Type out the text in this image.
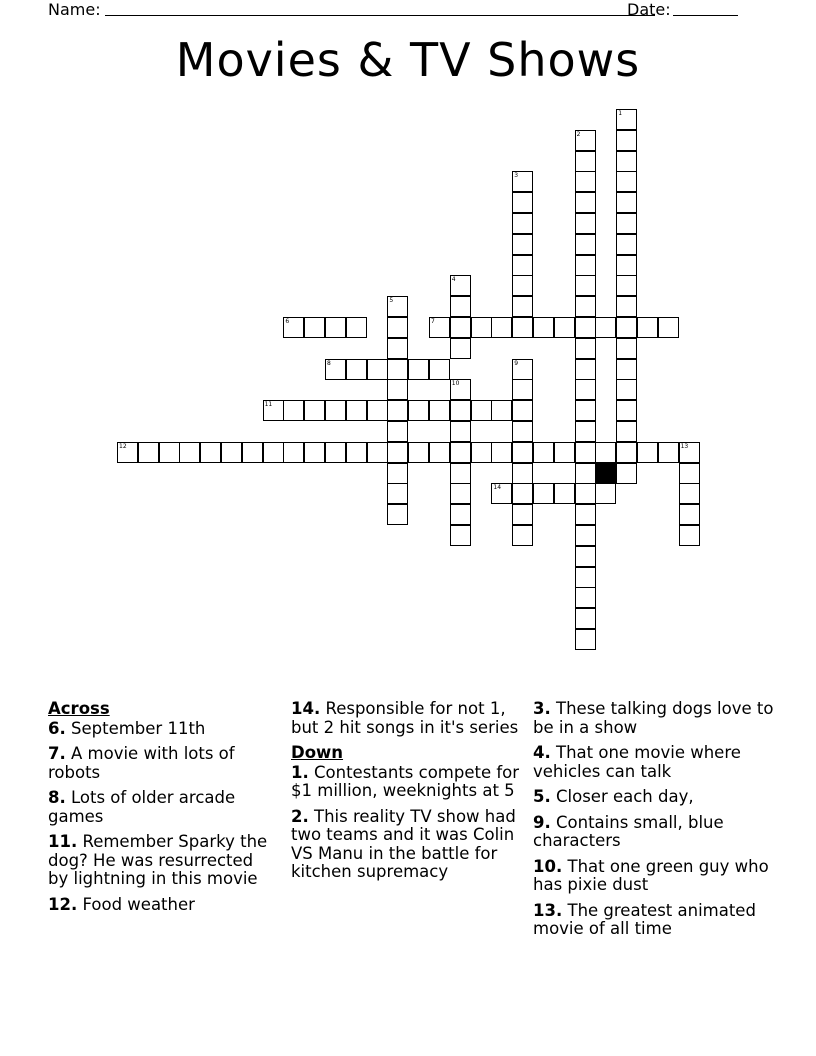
Name:	Date:
Movies & TV Shows
1
2
3
4
5
6	7
8	9
10
11
12	13
14
Across
6. September 11th
7. A movie with lots of robots
8. Lots of older arcade games
11. Remember Sparky the dog? He was resurrected by lightning in this movie
12. Food weather
14. Responsible for not 1, but 2 hit songs in it's series
Down
1. Contestants compete for $1 million, weeknights at 5
2. This reality TV show had two teams and it was Colin VS Manu in the battle for kitchen supremacy
3. These talking dogs love to be in a show
4. That one movie where vehicles can talk
5. Closer each day,
9. Contains small, blue characters
10. That one green guy who has pixie dust
13. The greatest animated movie of all time
